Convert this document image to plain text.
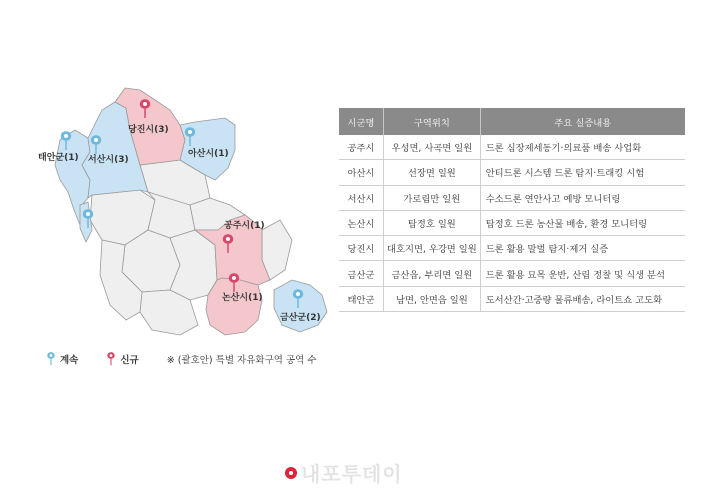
당진시(3)
아산시(1)
태안군(1) 서산시(3)
공주시(1)
논산시(1)
금산군(2)
계속	신규	※ (괄호안) 특별 자유화구역 공역 수
시군명	구역위치	주요 실증내용
공주시	우성면, 사곡면 일원	드론 심장제세동기·의료품 배송 사업화
아산시	선장면 일원	안티드론 시스템 드론 탐지·트래킹 시험
서산시	가로림만 일원	수소드론 연안사고 예방 모니터링
논산시	탑정호 일원	탑정호 드론 농산물 배송, 환경 모니터링
당진시	대호지면, 우강면 일원	드론 활용 말벌 탐지·제거 실증
금산군	금산읍, 부리면 일원	드론 활용 묘목 운반, 산림 정찰 및 식생 분석
태안군	남면, 안면읍 일원	도서산간·고중량 물류배송, 라이트쇼 고도화
내포투데이
